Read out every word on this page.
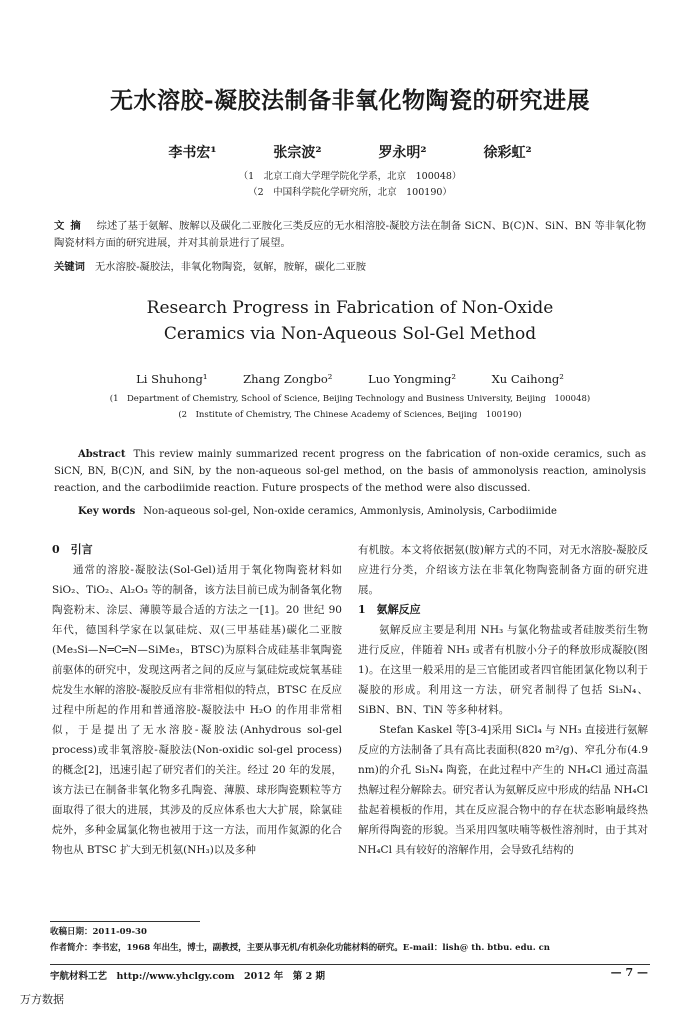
无水溶胶-凝胶法制备非氧化物陶瓷的研究进展
李书宏¹	张宗波²	罗永明²	徐彩虹²
（1　北京工商大学理学院化学系，北京　100048）
（2　中国科学院化学研究所，北京　100190）
文摘 综述了基于氨解、胺解以及碳化二亚胺化三类反应的无水相溶胶-凝胶方法在制备 SiCN、B(C)N、SiN、BN 等非氧化物陶瓷材料方面的研究进展，并对其前景进行了展望。
关键词 无水溶胶-凝胶法，非氧化物陶瓷，氨解，胺解，碳化二亚胺
Research Progress in Fabrication of Non-Oxide
Ceramics via Non-Aqueous Sol-Gel Method
Li Shuhong¹	Zhang Zongbo²	Luo Yongming²	Xu Caihong²
(1　Department of Chemistry, School of Science, Beijing Technology and Business University, Beijing　100048)
(2　Institute of Chemistry, The Chinese Academy of Sciences, Beijing　100190)
Abstract This review mainly summarized recent progress on the fabrication of non-oxide ceramics, such as SiCN, BN, B(C)N, and SiN, by the non-aqueous sol-gel method, on the basis of ammonolysis reaction, aminolysis reaction, and the carbodiimide reaction. Future prospects of the method were also discussed.
Key words Non-aqueous sol-gel, Non-oxide ceramics, Ammonlysis, Aminolysis, Carbodiimide
0　引言

通常的溶胶-凝胶法(Sol-Gel)适用于氧化物陶瓷材料如 SiO₂、TiO₂、Al₂O₃ 等的制备，该方法目前已成为制备氧化物陶瓷粉末、涂层、薄膜等最合适的方法之一[1]。20 世纪 90 年代，德国科学家在以氯硅烷、双(三甲基硅基)碳化二亚胺(Me₃Si—N═C═N—SiMe₃，BTSC)为原料合成硅基非氧陶瓷前驱体的研究中，发现这两者之间的反应与氯硅烷或烷氧基硅烷发生水解的溶胶-凝胶反应有非常相似的特点，BTSC 在反应过程中所起的作用和普通溶胶-凝胶法中 H₂O 的作用非常相似，于是提出了无水溶胶-凝胶法(Anhydrous sol-gel process)或非氧溶胶-凝胶法(Non-oxidic sol-gel process)的概念[2]，迅速引起了研究者们的关注。经过 20 年的发展，该方法已在制备非氧化物多孔陶瓷、薄膜、球形陶瓷颗粒等方面取得了很大的进展，其涉及的反应体系也大大扩展，除氯硅烷外，多种金属氯化物也被用于这一方法，而用作氮源的化合物也从 BTSC 扩大到无机氨(NH₃)以及多种

有机胺。本文将依据氨(胺)解方式的不同，对无水溶胶-凝胶反应进行分类，介绍该方法在非氧化物陶瓷制备方面的研究进展。

1　氨解反应

氨解反应主要是利用 NH₃ 与氯化物盐或者硅胺类衍生物进行反应，伴随着 NH₃ 或者有机胺小分子的释放形成凝胶(图 1)。在这里一般采用的是三官能团或者四官能团氯化物以利于凝胶的形成。利用这一方法，研究者制得了包括 Si₃N₄、SiBN、BN、TiN 等多种材料。

Stefan Kaskel 等[3-4]采用 SiCl₄ 与 NH₃ 直接进行氨解反应的方法制备了具有高比表面积(820 m²/g)、窄孔分布(4.9 nm)的介孔 Si₃N₄ 陶瓷，在此过程中产生的 NH₄Cl 通过高温热解过程分解除去。研究者认为氨解反应中形成的结晶 NH₄Cl 盐起着模板的作用，其在反应混合物中的存在状态影响最终热解所得陶瓷的形貌。当采用四氢呋喃等极性溶剂时，由于其对 NH₄Cl 具有较好的溶解作用，会导致孔结构的

收稿日期：2011-09-30
作者简介：李书宏，1968 年出生，博士，副教授，主要从事无机/有机杂化功能材料的研究。E-mail：lish@ th. btbu. edu. cn
宇航材料工艺　http://www.yhclgy.com　2012 年　第 2 期	— 7 —
万方数据
